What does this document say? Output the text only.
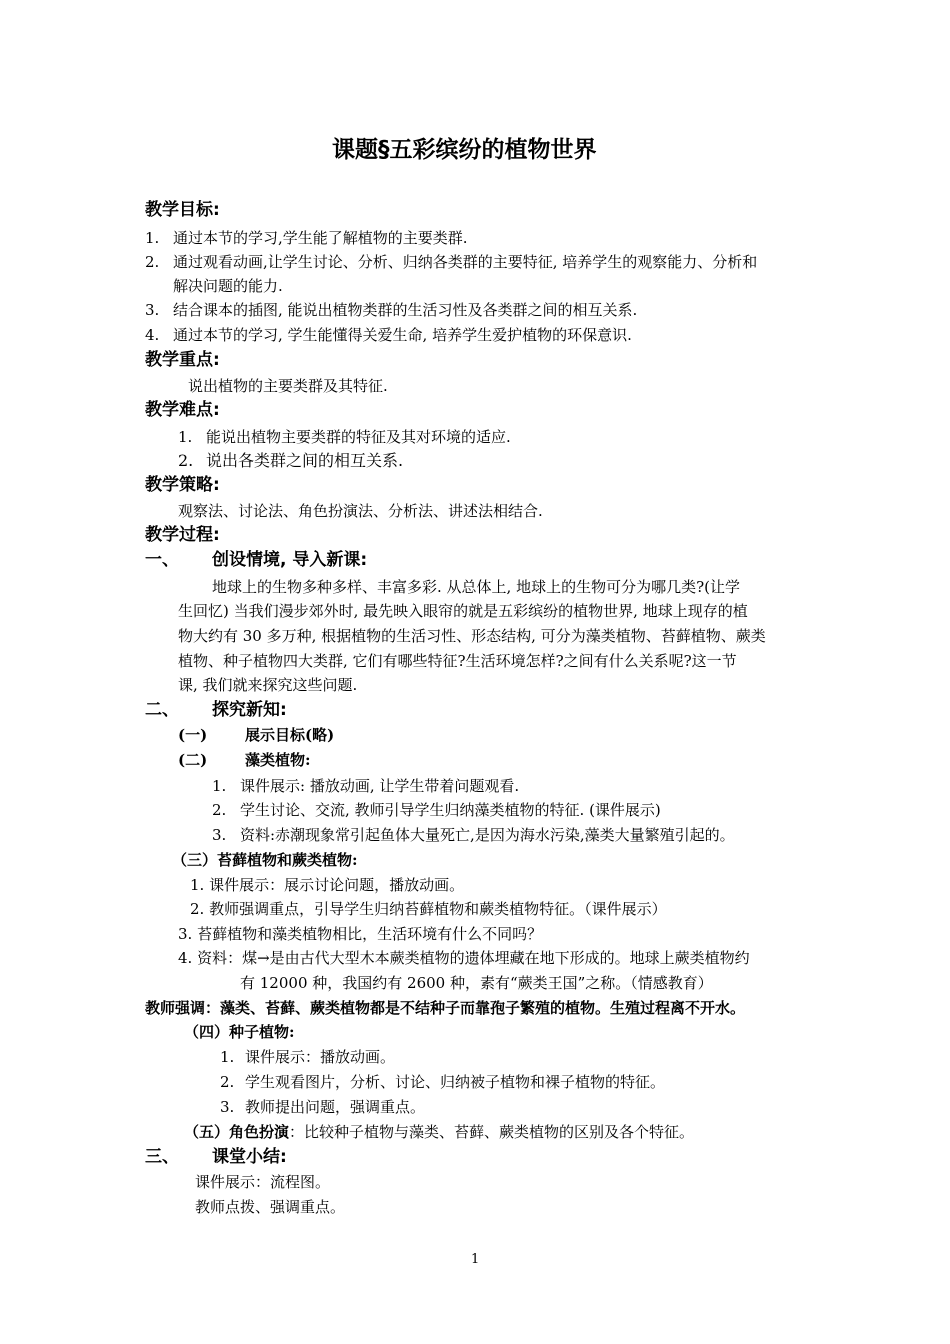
课题§五彩缤纷的植物世界
教学目标:
1. 通过本节的学习,学生能了解植物的主要类群.
2. 通过观看动画,让学生讨论、分析、归纳各类群的主要特征, 培养学生的观察能力、分析和
解决问题的能力.
3. 结合课本的插图, 能说出植物类群的生活习性及各类群之间的相互关系.
4. 通过本节的学习, 学生能懂得关爱生命, 培养学生爱护植物的环保意识.
教学重点:
说出植物的主要类群及其特征.
教学难点:
1. 能说出植物主要类群的特征及其对环境的适应.
2. 说出各类群之间的相互关系.
教学策略:
观察法、讨论法、角色扮演法、分析法、讲述法相结合.
教学过程:
一、 创设情境, 导入新课:
地球上的生物多种多样、丰富多彩. 从总体上, 地球上的生物可分为哪几类?(让学
生回忆) 当我们漫步郊外时, 最先映入眼帘的就是五彩缤纷的植物世界, 地球上现存的植
物大约有 30 多万种, 根据植物的生活习性、形态结构, 可分为藻类植物、苔藓植物、蕨类
植物、种子植物四大类群, 它们有哪些特征?生活环境怎样?之间有什么关系呢?这一节
课, 我们就来探究这些问题.
二、 探究新知:
(一)	展示目标(略)
(二)	藻类植物:
1. 课件展示: 播放动画, 让学生带着问题观看.
2. 学生讨论、交流, 教师引导学生归纳藻类植物的特征. (课件展示)
3. 资料:赤潮现象常引起鱼体大量死亡,是因为海水污染,藻类大量繁殖引起的。
（三）苔藓植物和蕨类植物:
1. 课件展示：展示讨论问题，播放动画。
2. 教师强调重点，引导学生归纳苔藓植物和蕨类植物特征。（课件展示）
3. 苔藓植物和藻类植物相比，生活环境有什么不同吗？
4. 资料：煤→是由古代大型木本蕨类植物的遗体埋藏在地下形成的。地球上蕨类植物约
有 12000 种，我国约有 2600 种，素有“蕨类王国”之称。（情感教育）
教师强调：藻类、苔藓、蕨类植物都是不结种子而靠孢子繁殖的植物。生殖过程离不开水。
（四）种子植物:
1. 课件展示：播放动画。
2. 学生观看图片，分析、讨论、归纳被子植物和裸子植物的特征。
3. 教师提出问题，强调重点。
（五）角色扮演：比较种子植物与藻类、苔藓、蕨类植物的区别及各个特征。
三、 课堂小结:
课件展示：流程图。
教师点拨、强调重点。
1
